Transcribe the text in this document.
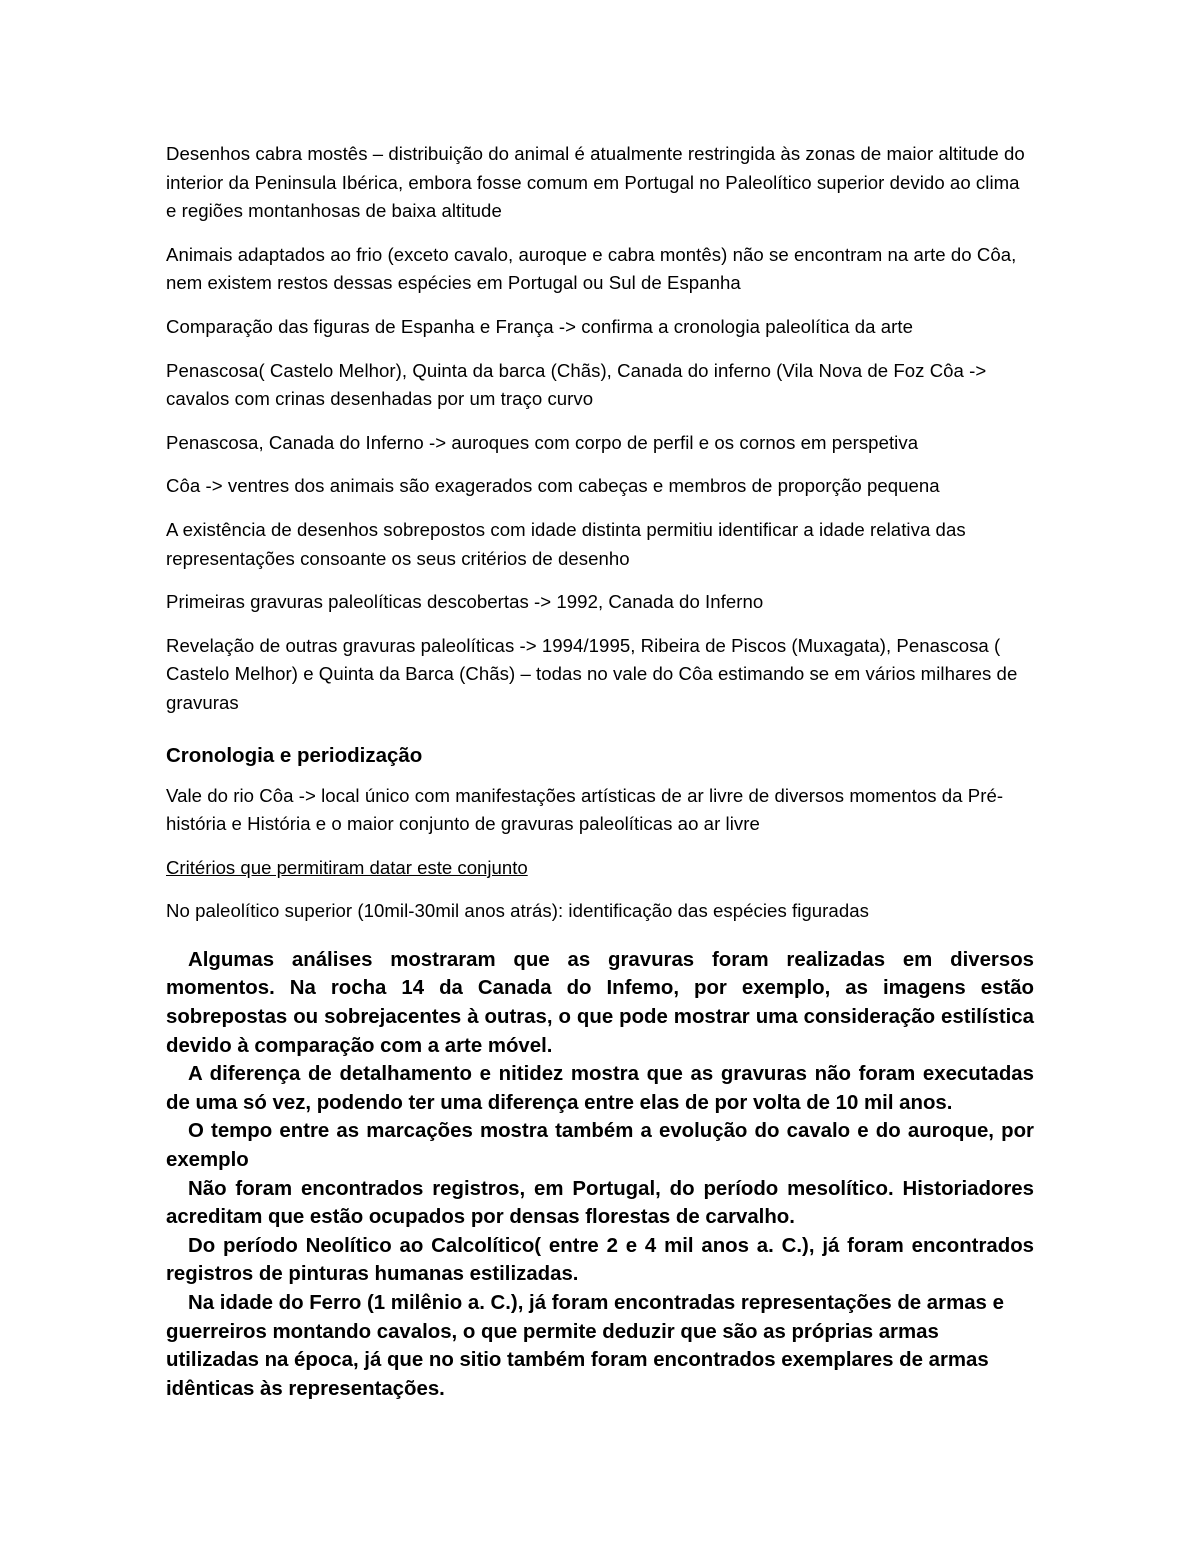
Desenhos cabra mostês – distribuição do animal é atualmente restringida às zonas de maior altitude do interior da Peninsula Ibérica, embora fosse comum em Portugal no Paleolítico superior devido ao clima e regiões montanhosas de baixa altitude

Animais adaptados ao frio (exceto cavalo, auroque e cabra montês) não se encontram na arte do Côa, nem existem restos dessas espécies em Portugal ou Sul de Espanha

Comparação das figuras de Espanha e França -> confirma a cronologia paleolítica da arte

Penascosa( Castelo Melhor), Quinta da barca (Chãs), Canada do inferno (Vila Nova de Foz Côa -> cavalos com crinas desenhadas por um traço curvo

Penascosa, Canada do Inferno -> auroques com corpo de perfil e os cornos em perspetiva

Côa -> ventres dos animais são exagerados com cabeças e membros de proporção pequena

A existência de desenhos sobrepostos com idade distinta permitiu identificar a idade relativa das representações consoante os seus critérios de desenho

Primeiras gravuras paleolíticas descobertas -> 1992, Canada do Inferno

Revelação de outras gravuras paleolíticas -> 1994/1995, Ribeira de Piscos (Muxagata), Penascosa ( Castelo Melhor) e Quinta da Barca (Chãs) – todas no vale do Côa estimando se em vários milhares de gravuras

Cronologia e periodização

Vale do rio Côa -> local único com manifestações artísticas de ar livre de diversos momentos da Pré-história e História e o maior conjunto de gravuras paleolíticas ao ar livre

Critérios que permitiram datar este conjunto

No paleolítico superior (10mil-30mil anos atrás): identificação das espécies figuradas

Algumas análises mostraram que as gravuras foram realizadas em diversos momentos. Na rocha 14 da Canada do Infemo, por exemplo, as imagens estão sobrepostas ou sobrejacentes à outras, o que pode mostrar uma consideração estilística devido à comparação com a arte móvel.

A diferença de detalhamento e nitidez mostra que as gravuras não foram executadas de uma só vez, podendo ter uma diferença entre elas de por volta de 10 mil anos.

O tempo entre as marcações mostra também a evolução do cavalo e do auroque, por exemplo

Não foram encontrados registros, em Portugal, do período mesolítico. Historiadores acreditam que estão ocupados por densas florestas de carvalho.

Do período Neolítico ao Calcolítico( entre 2 e 4 mil anos a. C.), já foram encontrados registros de pinturas humanas estilizadas.

Na idade do Ferro (1 milênio a. C.), já foram encontradas representações de armas e guerreiros montando cavalos, o que permite deduzir que são as próprias armas utilizadas na época, já que no sitio também foram encontrados exemplares de armas idênticas às representações.
